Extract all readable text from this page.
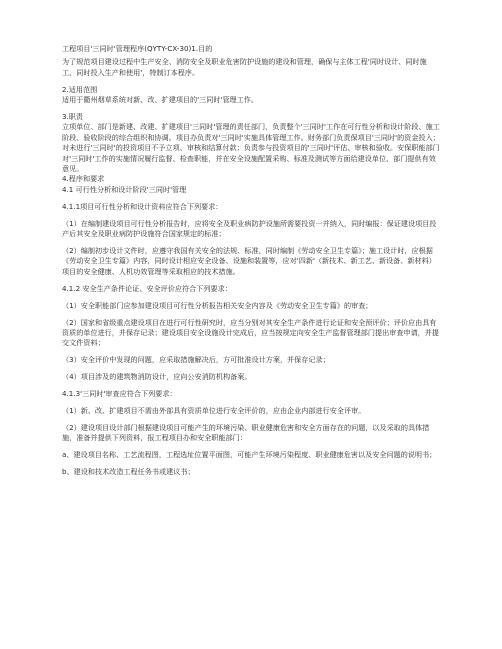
工程项目'三同时'管理程序(QYTY-CX-30)1.目的

为了规范项目建设过程中生产安全、消防安全及职业危害防护设施的建设和管理，确保与主体工程'同时设计、同时施工、同时投入生产和使用'，特制订本程序。

2.适用范围

适用于衢州烟草系统对新、改、扩建项目的'三同时'管理工作。

3.职责

立项单位、部门是新建、改建、扩建项目'三同时'管理的责任部门，负责整个'三同时'工作在可行性分析和设计阶段、施工阶段、验收阶段的综合组织和协调。项目办负责对'三同时'实施具体管理工作。财务部门负责保项目'三同时'的资金投入；对未进行'三同时'的投资项目不予立项、审核和结算付款；负责参与投资项目的'三同时'评估、审核和验收。安保职能部门对'三同时'工作的实施情况履行监督、检查职能，并在安全设施配置采购、标准及测试等方面给建设单位、部门提供有效意见。

4.程序和要求

4.1 可行性分析和设计阶段'三同时'管理

4.1.1项目可行性分析和设计资料应符合下列要求：

（1）在编制建设项目可行性分析报告时，应将安全及职业病防护设施所需要投资一并纳入，同时编报：保证建设项目投产后其安全及职业病防护设施符合国家规定的标准；

（2）编制初步设计文件时，应遵守我国有关安全的法规、标准，同时编制《劳动安全卫生专篇》；施工设计时，应根据《劳动安全卫生专篇》内容，同时设计相应安全设备、设施和装置等，应对'四新'（新技术、新工艺、新设备、新材料）项目的安全健康、人机功效管理等采取相应的技术措施。

4.1.2 安全生产条件论证、安全评价应符合下列要求：

（1）安全职能部门应参加建设项目可行性分析报告相关安全内容及《劳动安全卫生专篇》的审查；

（2）国家和省级重点建设项目在进行可行性研究时，应当分别对其安全生产条件进行论证和安全预评价；评价应由具有资质的单位进行，并保存记录；建设项目安全设施设计完成后，应当按规定向安全生产监督管理部门提出审查申请，并提交文件资料；

（3）安全评价中发现的问题，应采取措施解决后，方可批准设计方案，并保存记录；

（4）项目涉及的建筑物消防设计，应向公安消防机构备案。

4.1.3'三同时'审查应符合下列要求：

（1）新、改、扩建项目不需由外部具有资质单位进行安全评价的，应由企业内部进行安全评审。

（2）建设项目设计部门根据建设项目可能产生的环境污染、职业健康危害和安全方面存在的问题，以及采取的具体措施，准备并提供下列资料，报工程项目办和安全职能部门：

a、建设项目名称、工艺流程图，工程选址位置平面图，可能产生环境污染程度、职业健康危害以及安全问题的说明书；

b、建设和技术改造工程任务书或建议书；
